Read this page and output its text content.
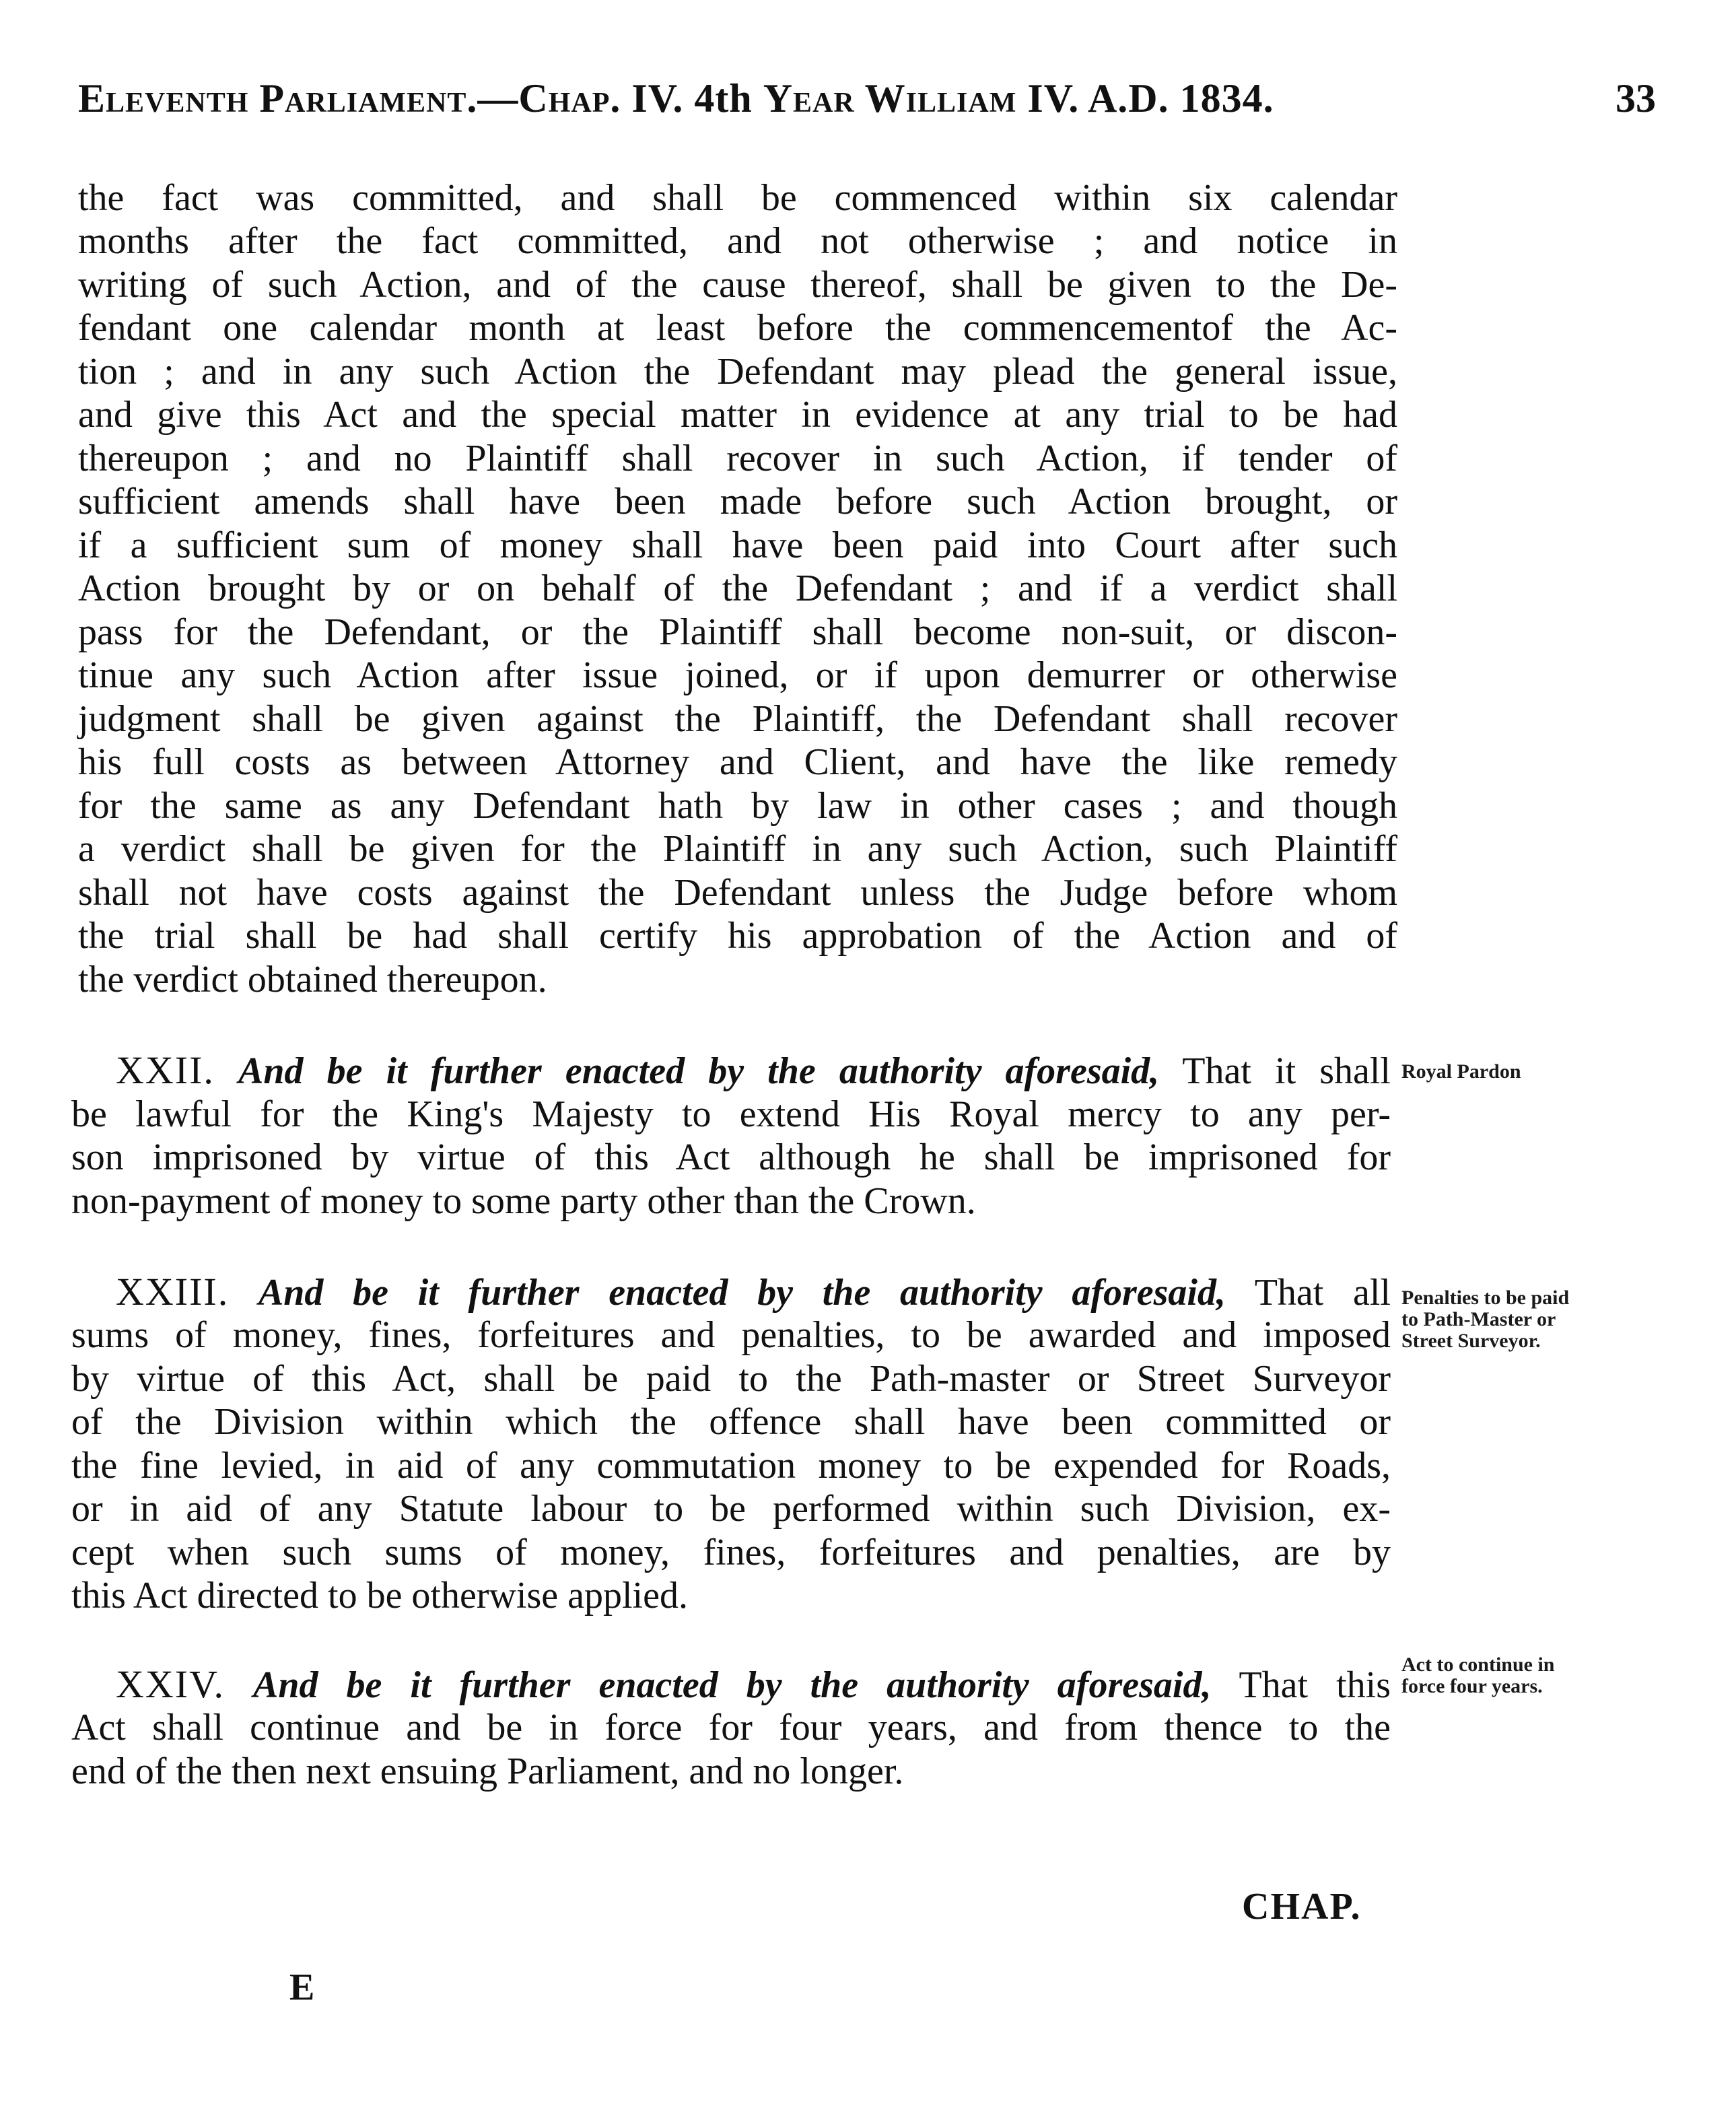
Eleventh Parliament.—Chap. IV. 4th Year William IV. A.D. 1834.	33
the fact was committed, and shall be commenced within six calendar
months after the fact committed, and not otherwise ; and notice in
writing of such Action, and of the cause thereof, shall be given to the De-
fendant one calendar month at least before the commencementof the Ac-
tion ; and in any such Action the Defendant may plead the general issue,
and give this Act and the special matter in evidence at any trial to be had
thereupon ; and no Plaintiff shall recover in such Action, if tender of
sufficient amends shall have been made before such Action brought, or
if a sufficient sum of money shall have been paid into Court after such
Action brought by or on behalf of the Defendant ; and if a verdict shall
pass for the Defendant, or the Plaintiff shall become non-suit, or discon-
tinue any such Action after issue joined, or if upon demurrer or otherwise
judgment shall be given against the Plaintiff, the Defendant shall recover
his full costs as between Attorney and Client, and have the like remedy
for the same as any Defendant hath by law in other cases ; and though
a verdict shall be given for the Plaintiff in any such Action, such Plaintiff
shall not have costs against the Defendant unless the Judge before whom
the trial shall be had shall certify his approbation of the Action and of
the verdict obtained thereupon.
XXII. And be it further enacted by the authority aforesaid, That it shall
be lawful for the King's Majesty to extend His Royal mercy to any per-
son imprisoned by virtue of this Act although he shall be imprisoned for
non-payment of money to some party other than the Crown.
Royal Pardon
XXIII. And be it further enacted by the authority aforesaid, That all
sums of money, fines, forfeitures and penalties, to be awarded and imposed
by virtue of this Act, shall be paid to the Path-master or Street Surveyor
of the Division within which the offence shall have been committed or
the fine levied, in aid of any commutation money to be expended for Roads,
or in aid of any Statute labour to be performed within such Division, ex-
cept when such sums of money, fines, forfeitures and penalties, are by
this Act directed to be otherwise applied.
Penalties to be paid
to Path-Master or
Street Surveyor.
XXIV. And be it further enacted by the authority aforesaid, That this
Act shall continue and be in force for four years, and from thence to the
end of the then next ensuing Parliament, and no longer.
Act to continue in
force four years.
CHAP.
E
